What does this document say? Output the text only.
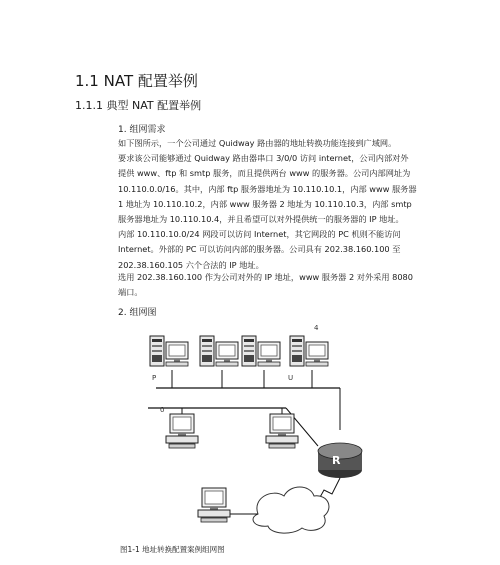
1.1 NAT 配置举例
1.1.1 典型 NAT 配置举例
1. 组网需求

如下图所示，一个公司通过 Quidway 路由器的地址转换功能连接到广域网。

要求该公司能够通过 Quidway 路由器串口 3/0/0 访问 internet，公司内部对外

提供 www、ftp 和 smtp 服务，而且提供两台 www 的服务器。公司内部网址为

10.110.0.0/16。其中，内部 ftp 服务器地址为 10.110.10.1，内部 www 服务器

1 地址为 10.110.10.2，内部 www 服务器 2 地址为 10.110.10.3，内部 smtp

服务器地址为 10.110.10.4，并且希望可以对外提供统一的服务器的 IP 地址。

内部 10.110.10.0/24 网段可以访问 Internet，其它网段的 PC 机则不能访问

Internet。外部的 PC 可以访问内部的服务器。公司具有 202.38.160.100 至

202.38.160.105 六个合法的 IP 地址。

选用 202.38.160.100 作为公司对外的 IP 地址，www 服务器 2 对外采用 8080

端口。

2. 组网图

　　　4
P

　	U　
　　　　0

R

图1-1 地址转换配置案例组网图
